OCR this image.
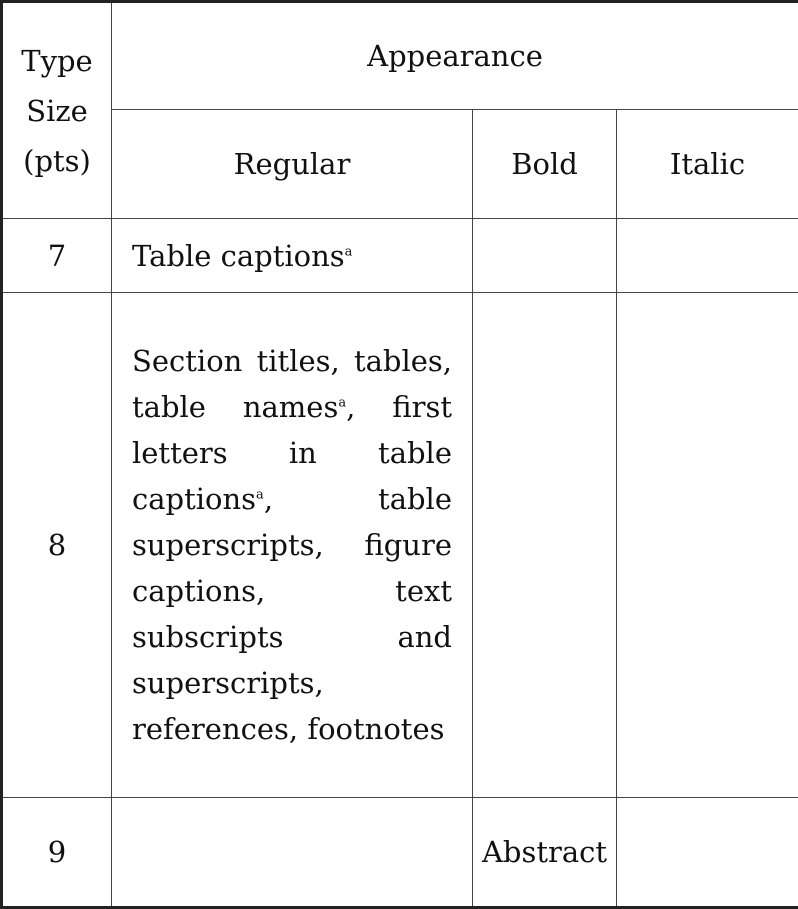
Type
Size
(pts)	Appearance		
	Regular	Bold	Italic
7	Table captions$^a$		
8	Section titles, tables, table names$^a$, first letters in table captions$^a$, table superscripts, figure captions, text subscripts and superscripts, references, footnotes		
9		Abstract	
